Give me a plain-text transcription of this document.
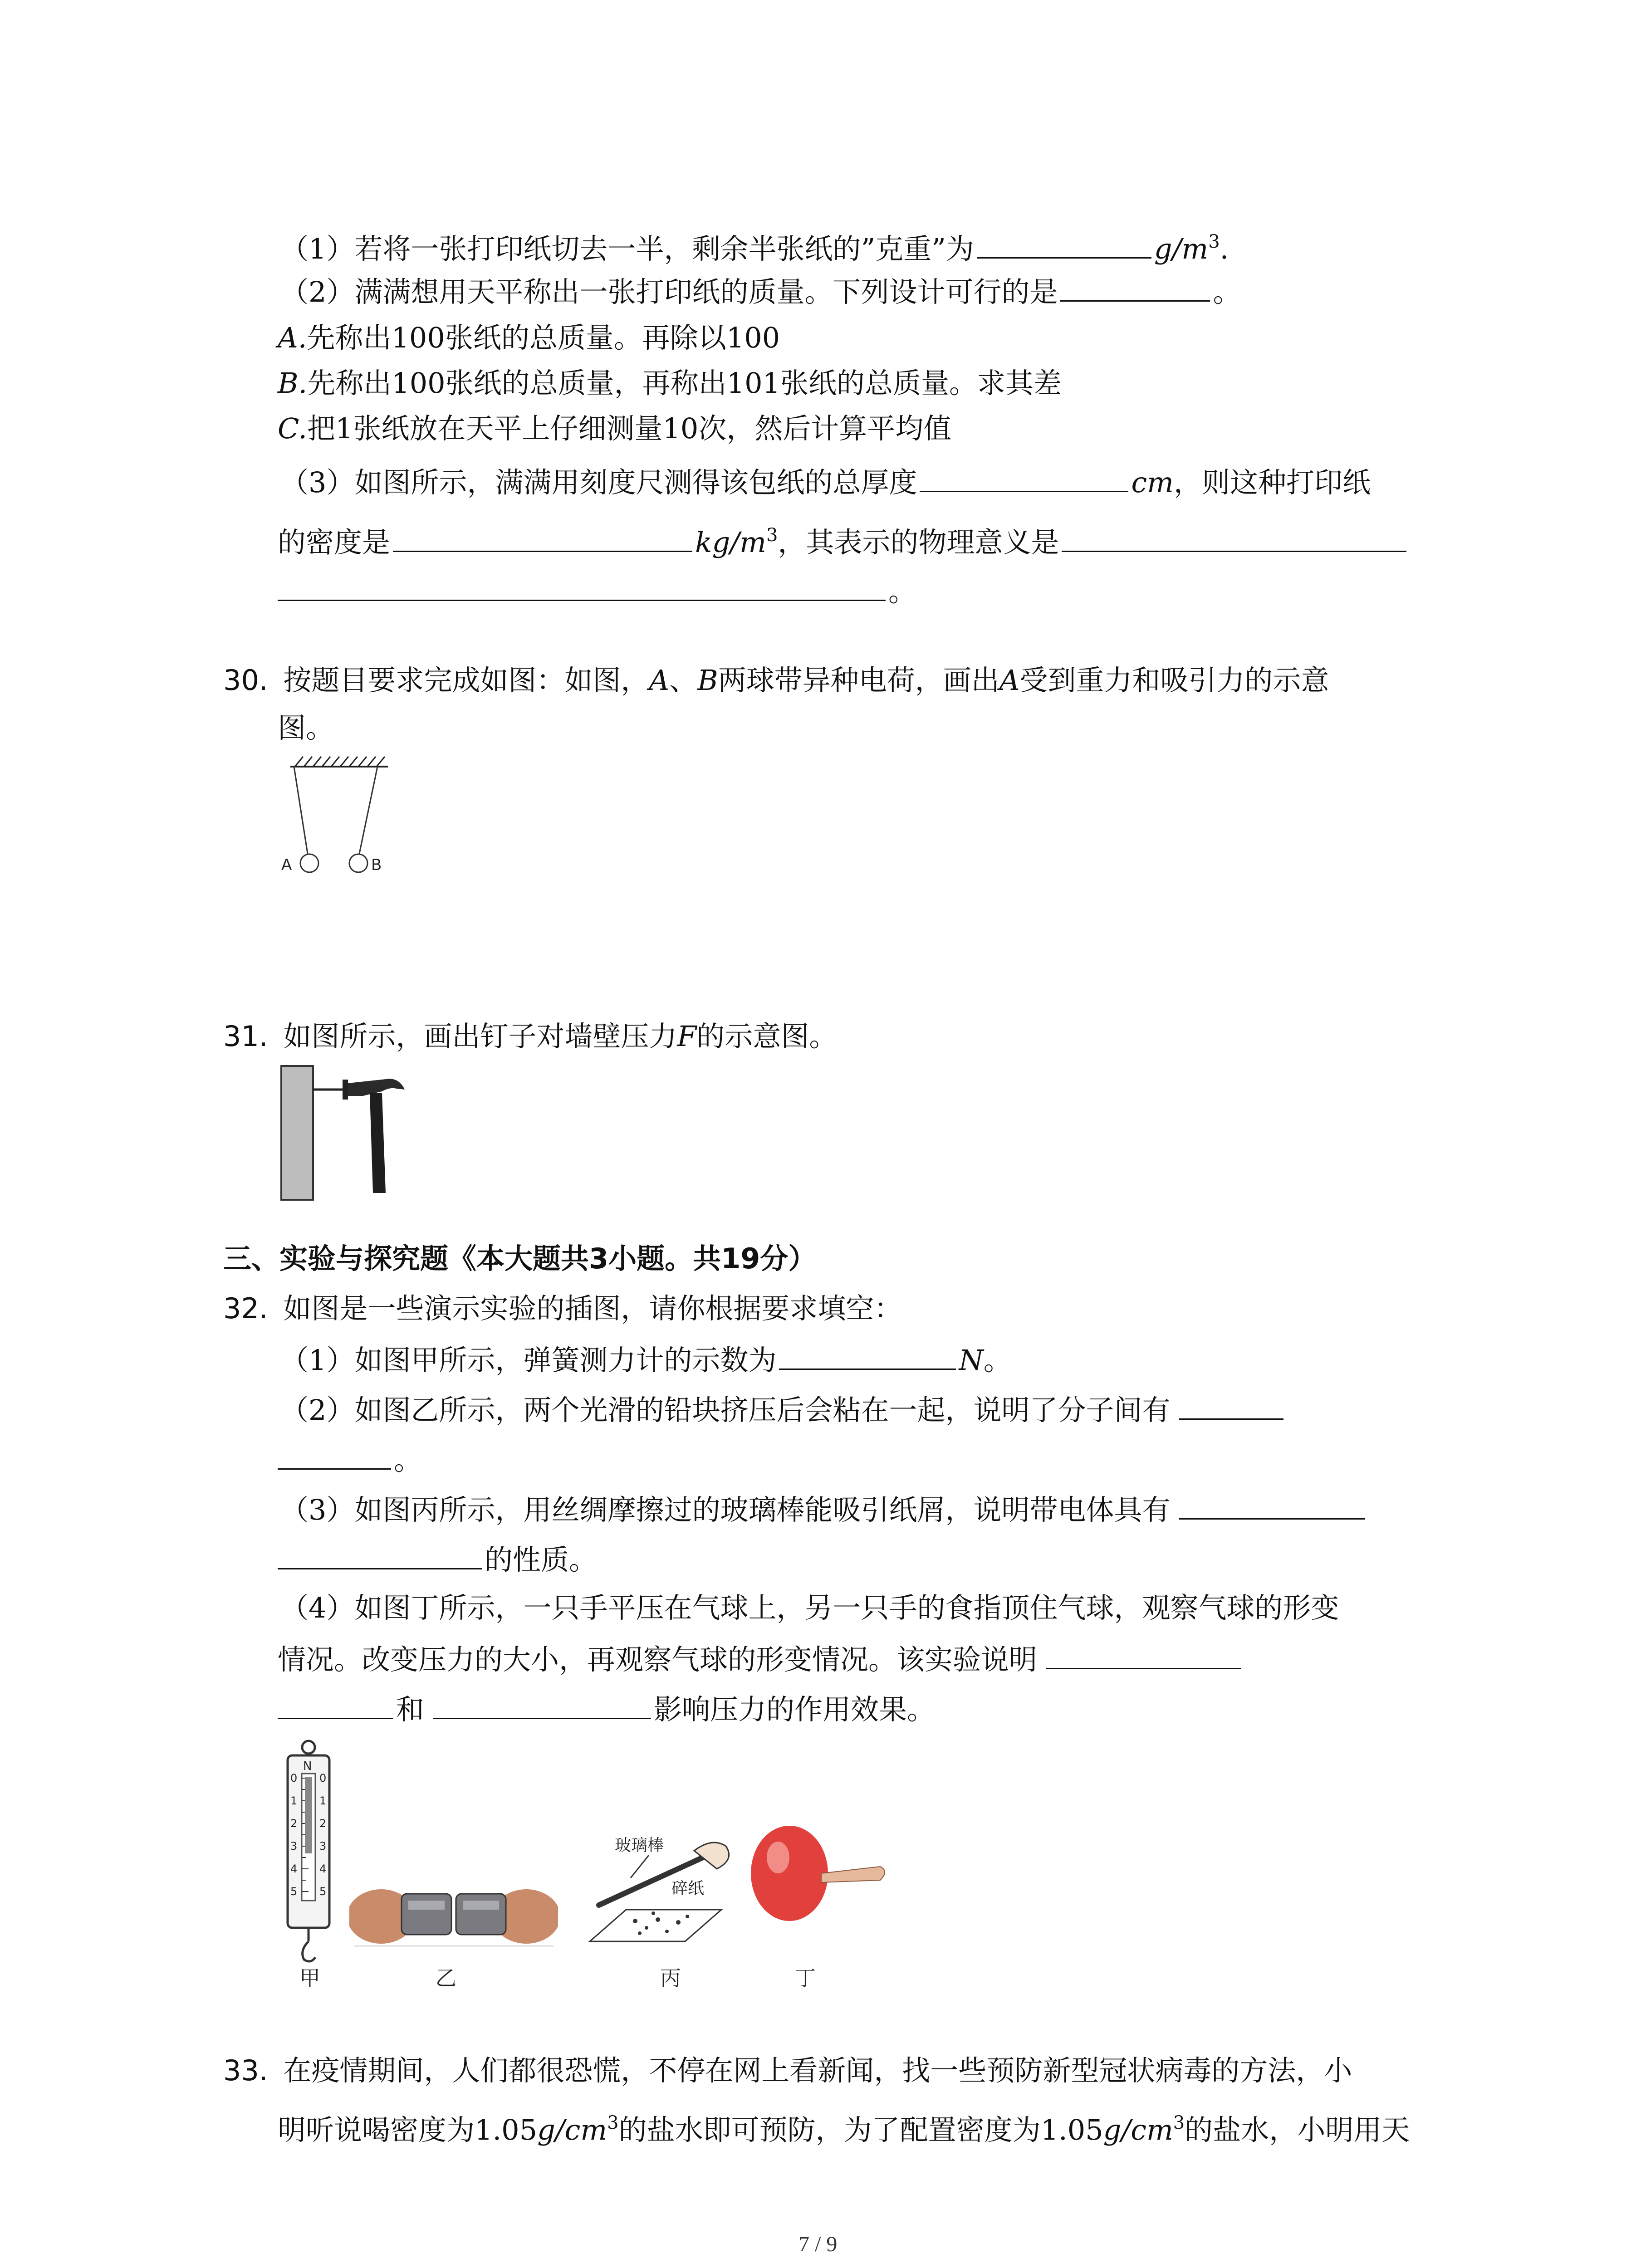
（1）若将一张打印纸切去一半，剩余半张纸的”克重”为	$g/m^3$.
（2）满满想用天平称出一张打印纸的质量。下列设计可行的是	。
A.先称出100张纸的总质量。再除以100
B.先称出100张纸的总质量，再称出101张纸的总质量。求其差
C.把1张纸放在天平上仔细测量10次，然后计算平均值
（3）如图所示，满满用刻度尺测得该包纸的总厚度	cm，则这种打印纸
的密度是	$kg/m^3$，其表示的物理意义是
。
30. 按题目要求完成如图：如图，A、B两球带异种电荷，画出A受到重力和吸引力的示意
图。
A	B
31. 如图所示，画出钉子对墙壁压力F的示意图。
三、实验与探究题《本大题共3小题。共19分）
32. 如图是一些演示实验的插图，请你根据要求填空：
（1）如图甲所示，弹簧测力计的示数为	N。
（2）如图乙所示，两个光滑的铅块挤压后会粘在一起，说明了分子间有
。
（3）如图丙所示，用丝绸摩擦过的玻璃棒能吸引纸屑，说明带电体具有
的性质。
（4）如图丁所示，一只手平压在气球上，另一只手的食指顶住气球，观察气球的形变
情况。改变压力的大小，再观察气球的形变情况。该实验说明
和	影响压力的作用效果。
N
0
1
2
3
4
5
0
1
2
3
4
5
玻璃棒
碎纸
甲	乙	丙	丁
33. 在疫情期间，人们都很恐慌，不停在网上看新闻，找一些预防新型冠状病毒的方法，小
明听说喝密度为$1.05g/cm^3$的盐水即可预防，为了配置密度为$1.05g/cm^3$的盐水，小明用天
7 / 9
